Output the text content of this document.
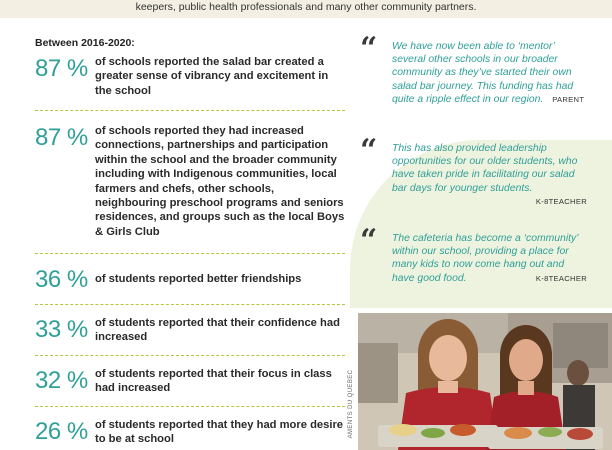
keepers, public health professionals and many other community partners.
Between 2016-2020:
87 % of schools reported the salad bar created a greater sense of vibrancy and excitement in the school
87 % of schools reported they had increased connections, partnerships and participation within the school and the broader community including with Indigenous communities, local farmers and chefs, other schools, neighbouring preschool programs and seniors residences, and groups such as the local Boys & Girls Club
36 % of students reported better friendships
33 % of students reported that their confidence had increased
32 % of students reported that their focus in class had increased
26 % of students reported that they had more desire to be at school
“ We have now been able to ‘mentor’ several other schools in our broader community as they’ve started their own salad bar journey. This funding has had quite a ripple effect in our region. PARENT
“ This has also provided leadership opportunities for our older students, who have taken pride in facilitating our salad bar days for younger students.
K-8TEACHER
“ The cafeteria has become a ‘community’ within our school, providing a place for many kids to now come hang out and have good food.	K-8TEACHER
AMENTS DU QUEBEC
